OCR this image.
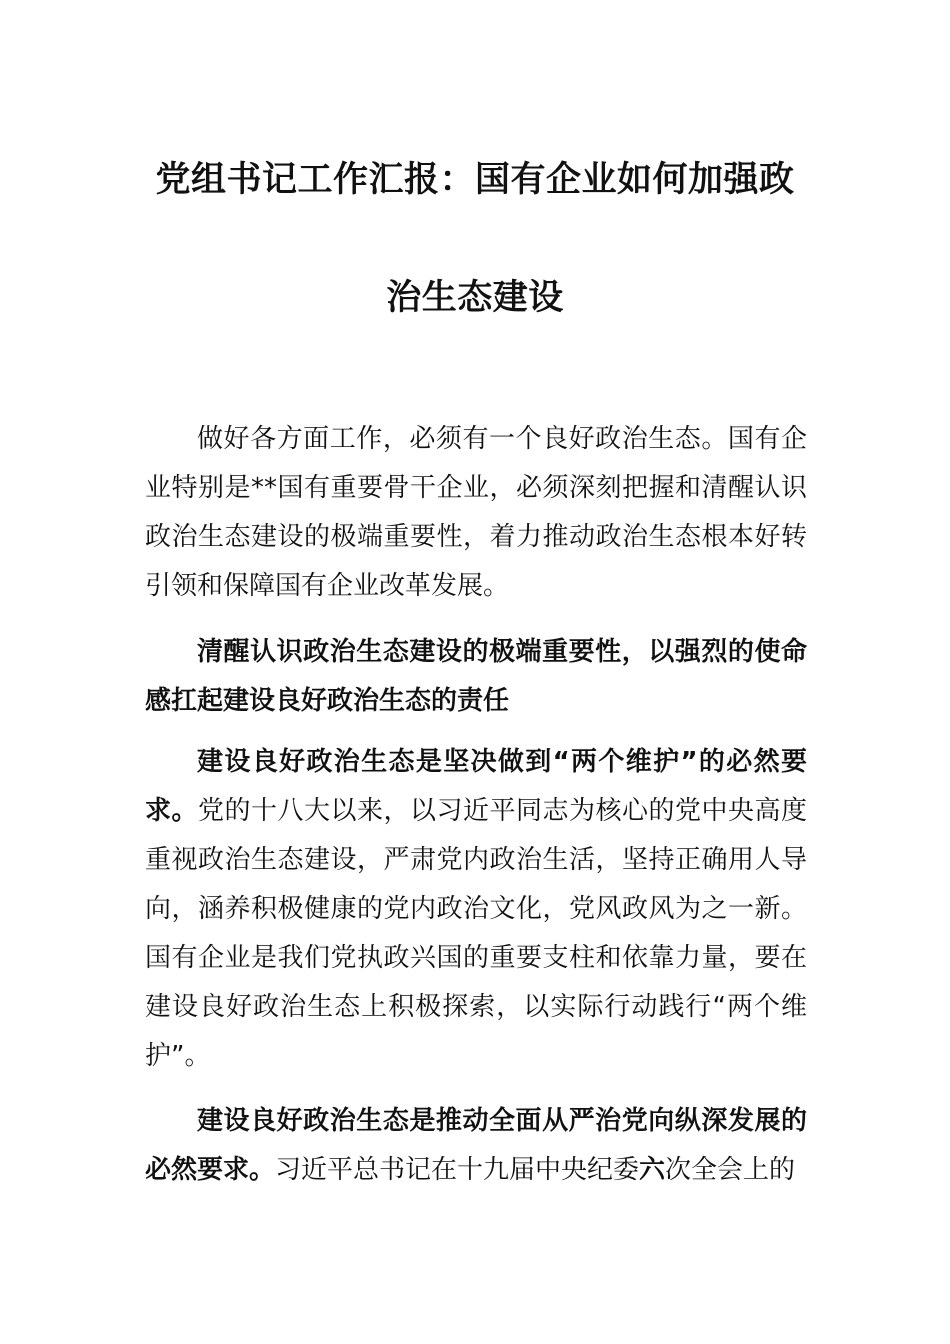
党组书记工作汇报：国有企业如何加强政
治生态建设

做好各方面工作，必须有一个良好政治生态。国有企业特别是**国有重要骨干企业，必须深刻把握和清醒认识政治生态建设的极端重要性，着力推动政治生态根本好转引领和保障国有企业改革发展。

清醒认识政治生态建设的极端重要性，以强烈的使命感扛起建设良好政治生态的责任

建设良好政治生态是坚决做到“两个维护”的必然要求。党的十八大以来，以习近平同志为核心的党中央高度重视政治生态建设，严肃党内政治生活，坚持正确用人导向，涵养积极健康的党内政治文化，党风政风为之一新。国有企业是我们党执政兴国的重要支柱和依靠力量，要在建设良好政治生态上积极探索，以实际行动践行“两个维护”。

建设良好政治生态是推动全面从严治党向纵深发展的必然要求。习近平总书记在十九届中央纪委六次全会上的
